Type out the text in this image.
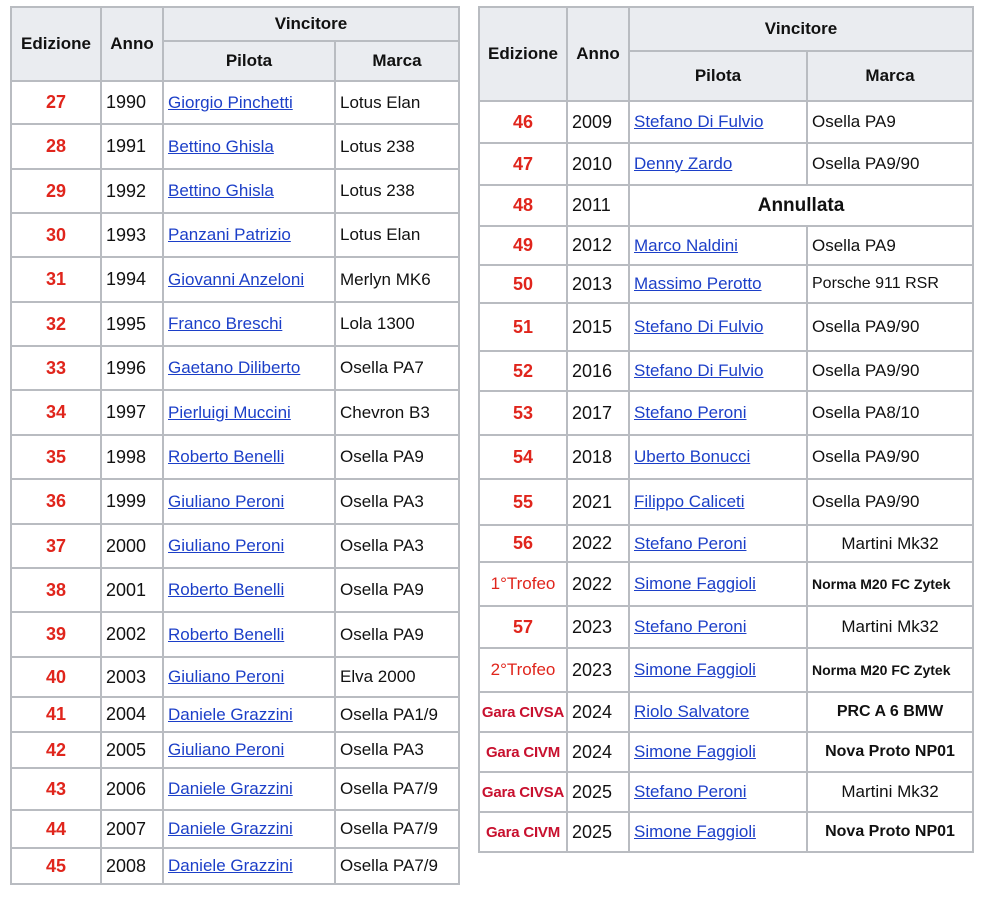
Edizione	Anno	Vincitore	
		Pilota	Marca
27	1990	Giorgio Pinchetti	Lotus Elan
28	1991	Bettino Ghisla	Lotus 238
29	1992	Bettino Ghisla	Lotus 238
30	1993	Panzani Patrizio	Lotus Elan
31	1994	Giovanni Anzeloni	Merlyn MK6
32	1995	Franco Breschi	Lola 1300
33	1996	Gaetano Diliberto	Osella PA7
34	1997	Pierluigi Muccini	Chevron B3
35	1998	Roberto Benelli	Osella PA9
36	1999	Giuliano Peroni	Osella PA3
37	2000	Giuliano Peroni	Osella PA3
38	2001	Roberto Benelli	Osella PA9
39	2002	Roberto Benelli	Osella PA9
40	2003	Giuliano Peroni	Elva 2000
41	2004	Daniele Grazzini	Osella PA1/9
42	2005	Giuliano Peroni	Osella PA3
43	2006	Daniele Grazzini	Osella PA7/9
44	2007	Daniele Grazzini	Osella PA7/9
45	2008	Daniele Grazzini	Osella PA7/9
Edizione	Anno	Vincitore	
		Pilota	Marca
46	2009	Stefano Di Fulvio	Osella PA9
47	2010	Denny Zardo	Osella PA9/90
48	2011	Annullata	
49	2012	Marco Naldini	Osella PA9
50	2013	Massimo Perotto	Porsche 911 RSR
51	2015	Stefano Di Fulvio	Osella PA9/90
52	2016	Stefano Di Fulvio	Osella PA9/90
53	2017	Stefano Peroni	Osella PA8/10
54	2018	Uberto Bonucci	Osella PA9/90
55	2021	Filippo Caliceti	Osella PA9/90
56	2022	Stefano Peroni	Martini Mk32
1°Trofeo	2022	Simone Faggioli	Norma M20 FC Zytek
57	2023	Stefano Peroni	Martini Mk32
2°Trofeo	2023	Simone Faggioli	Norma M20 FC Zytek
Gara CIVSA	2024	Riolo Salvatore	PRC A 6 BMW
Gara CIVM	2024	Simone Faggioli	Nova Proto NP01
Gara CIVSA	2025	Stefano Peroni	Martini Mk32
Gara CIVM	2025	Simone Faggioli	Nova Proto NP01
